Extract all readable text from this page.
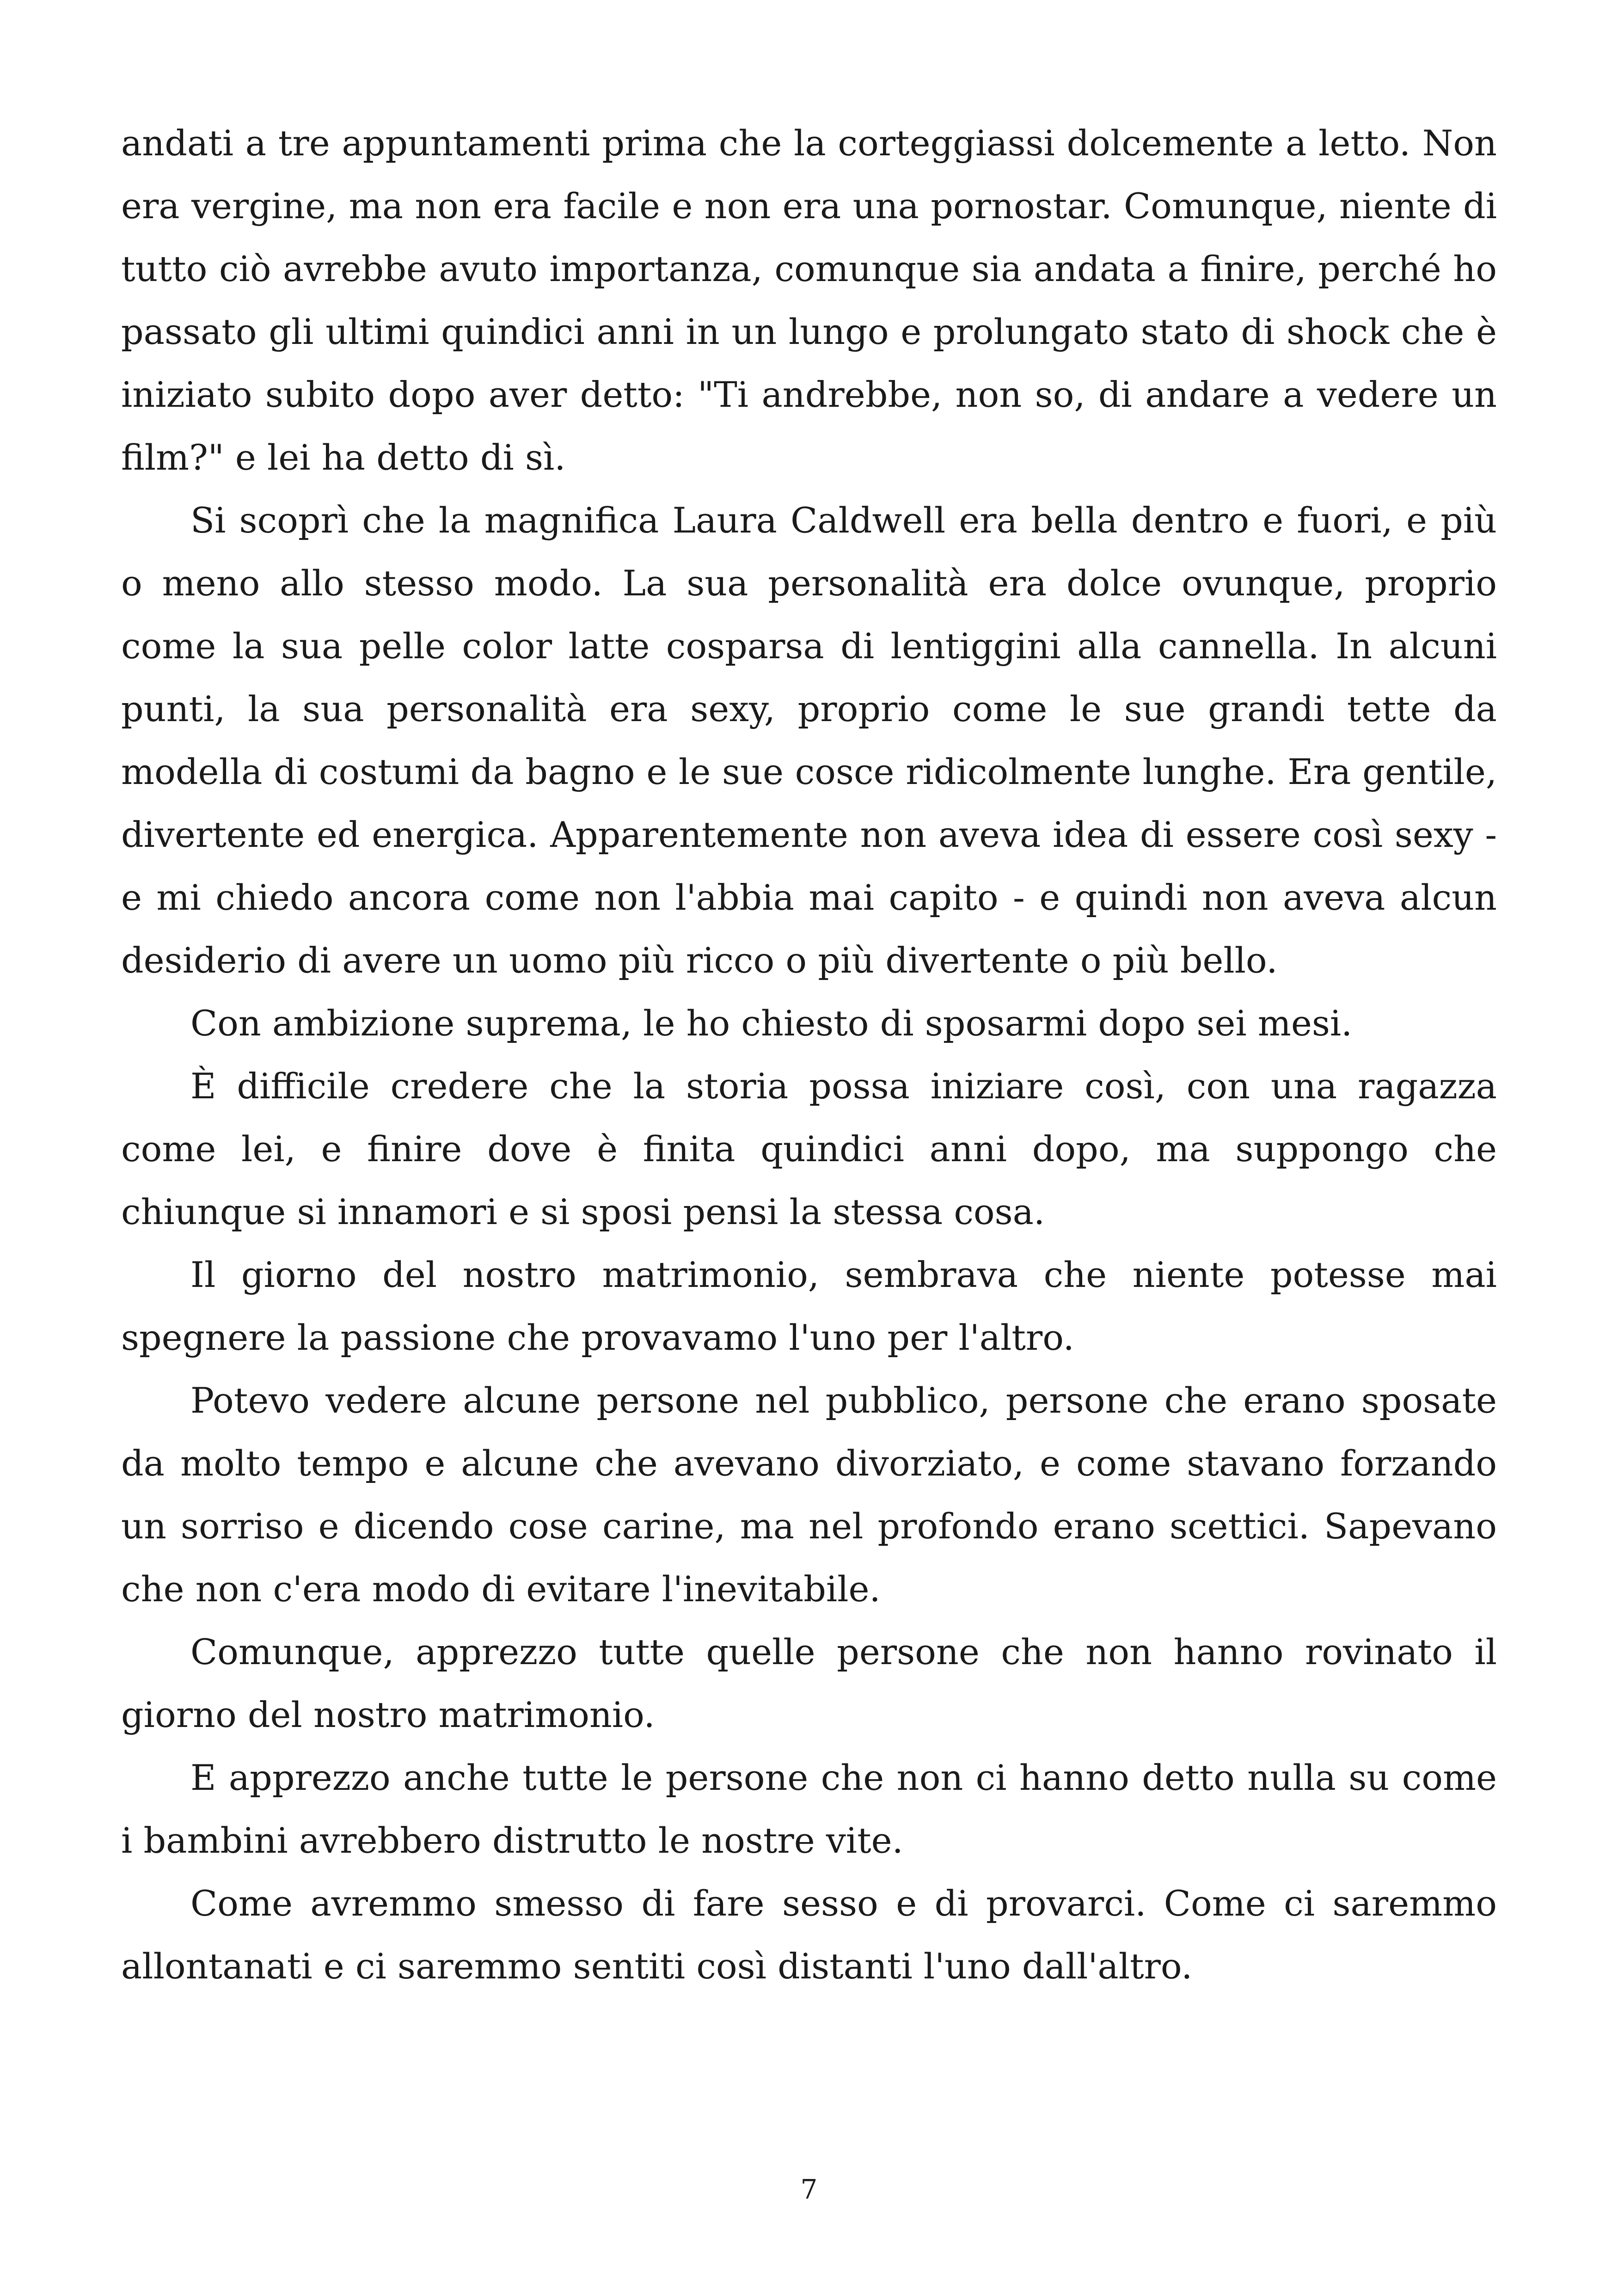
andati a tre appuntamenti prima che la corteggiassi dolcemente a letto. Non era vergine, ma non era facile e non era una pornostar. Comunque, niente di tutto ciò avrebbe avuto importanza, comunque sia andata a finire, perché ho passato gli ultimi quindici anni in un lungo e prolungato stato di shock che è iniziato subito dopo aver detto: "Ti andrebbe, non so, di andare a vedere un film?" e lei ha detto di sì.

Si scoprì che la magnifica Laura Caldwell era bella dentro e fuori, e più o meno allo stesso modo. La sua personalità era dolce ovunque, proprio come la sua pelle color latte cosparsa di lentiggini alla cannella. In alcuni punti, la sua personalità era sexy, proprio come le sue grandi tette da modella di costumi da bagno e le sue cosce ridicolmente lunghe. Era gentile, divertente ed energica. Apparentemente non aveva idea di essere così sexy - e mi chiedo ancora come non l'abbia mai capito - e quindi non aveva alcun desiderio di avere un uomo più ricco o più divertente o più bello.

Con ambizione suprema, le ho chiesto di sposarmi dopo sei mesi.

È difficile credere che la storia possa iniziare così, con una ragazza come lei, e finire dove è finita quindici anni dopo, ma suppongo che chiunque si innamori e si sposi pensi la stessa cosa.

Il giorno del nostro matrimonio, sembrava che niente potesse mai spegnere la passione che provavamo l'uno per l'altro.

Potevo vedere alcune persone nel pubblico, persone che erano sposate da molto tempo e alcune che avevano divorziato, e come stavano forzando un sorriso e dicendo cose carine, ma nel profondo erano scettici. Sapevano che non c'era modo di evitare l'inevitabile.

Comunque, apprezzo tutte quelle persone che non hanno rovinato il giorno del nostro matrimonio.

E apprezzo anche tutte le persone che non ci hanno detto nulla su come i bambini avrebbero distrutto le nostre vite.

Come avremmo smesso di fare sesso e di provarci. Come ci saremmo allontanati e ci saremmo sentiti così distanti l'uno dall'altro.

7
